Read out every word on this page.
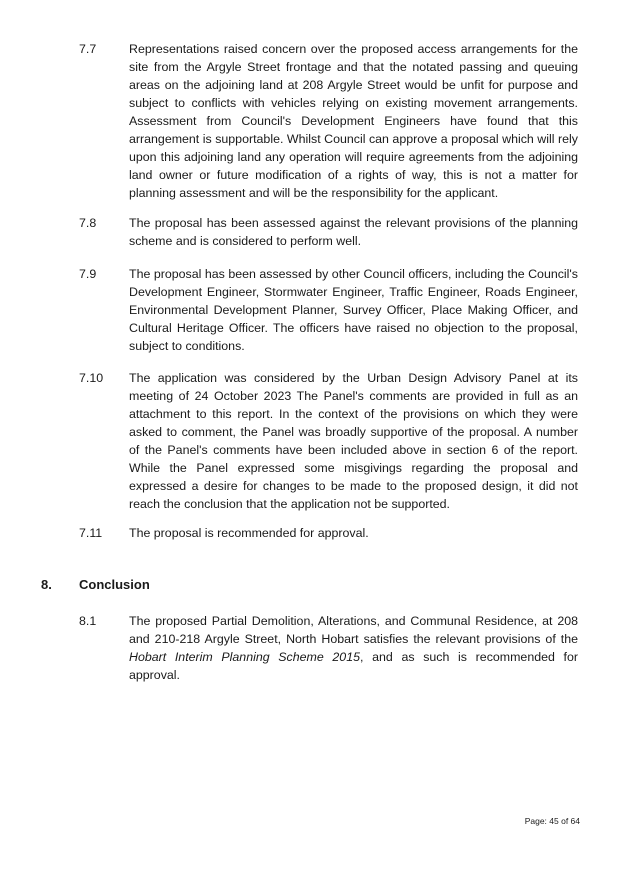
7.7	Representations raised concern over the proposed access arrangements for the site from the Argyle Street frontage and that the notated passing and queuing areas on the adjoining land at 208 Argyle Street would be unfit for purpose and subject to conflicts with vehicles relying on existing movement arrangements. Assessment from Council's Development Engineers have found that this arrangement is supportable. Whilst Council can approve a proposal which will rely upon this adjoining land any operation will require agreements from the adjoining land owner or future modification of a rights of way, this is not a matter for planning assessment and will be the responsibility for the applicant.
7.8	The proposal has been assessed against the relevant provisions of the planning scheme and is considered to perform well.
7.9	The proposal has been assessed by other Council officers, including the Council's Development Engineer, Stormwater Engineer, Traffic Engineer, Roads Engineer, Environmental Development Planner, Survey Officer, Place Making Officer, and Cultural Heritage Officer. The officers have raised no objection to the proposal, subject to conditions.
7.10 The application was considered by the Urban Design Advisory Panel at its meeting of 24 October 2023 The Panel's comments are provided in full as an attachment to this report. In the context of the provisions on which they were asked to comment, the Panel was broadly supportive of the proposal. A number of the Panel's comments have been included above in section 6 of the report. While the Panel expressed some misgivings regarding the proposal and expressed a desire for changes to be made to the proposed design, it did not reach the conclusion that the application not be supported.
7.11 The proposal is recommended for approval.
8. Conclusion
8.1	The proposed Partial Demolition, Alterations, and Communal Residence, at 208 and 210-218 Argyle Street, North Hobart satisfies the relevant provisions of the Hobart Interim Planning Scheme 2015, and as such is recommended for approval.
Page: 45 of 64
